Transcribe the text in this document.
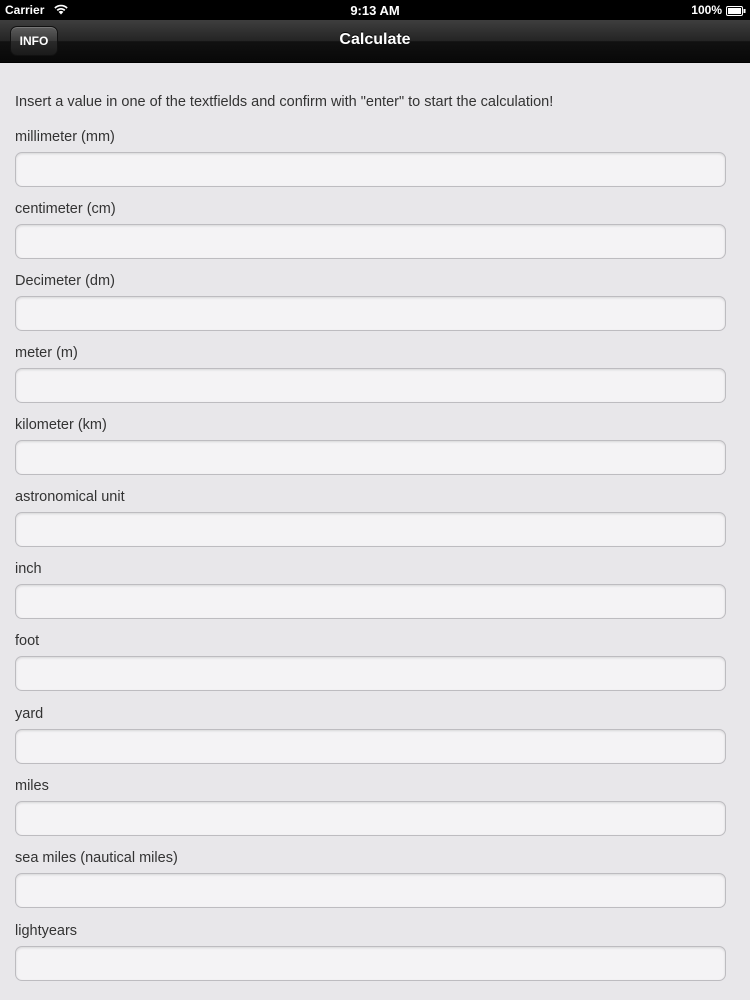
Carrier	9:13 AM	100%
INFO	Calculate
Insert a value in one of the textfields and confirm with "enter" to start the calculation!
millimeter (mm)
centimeter (cm)
Decimeter (dm)
meter (m)
kilometer (km)
astronomical unit
inch
foot
yard
miles
sea miles (nautical miles)
lightyears
